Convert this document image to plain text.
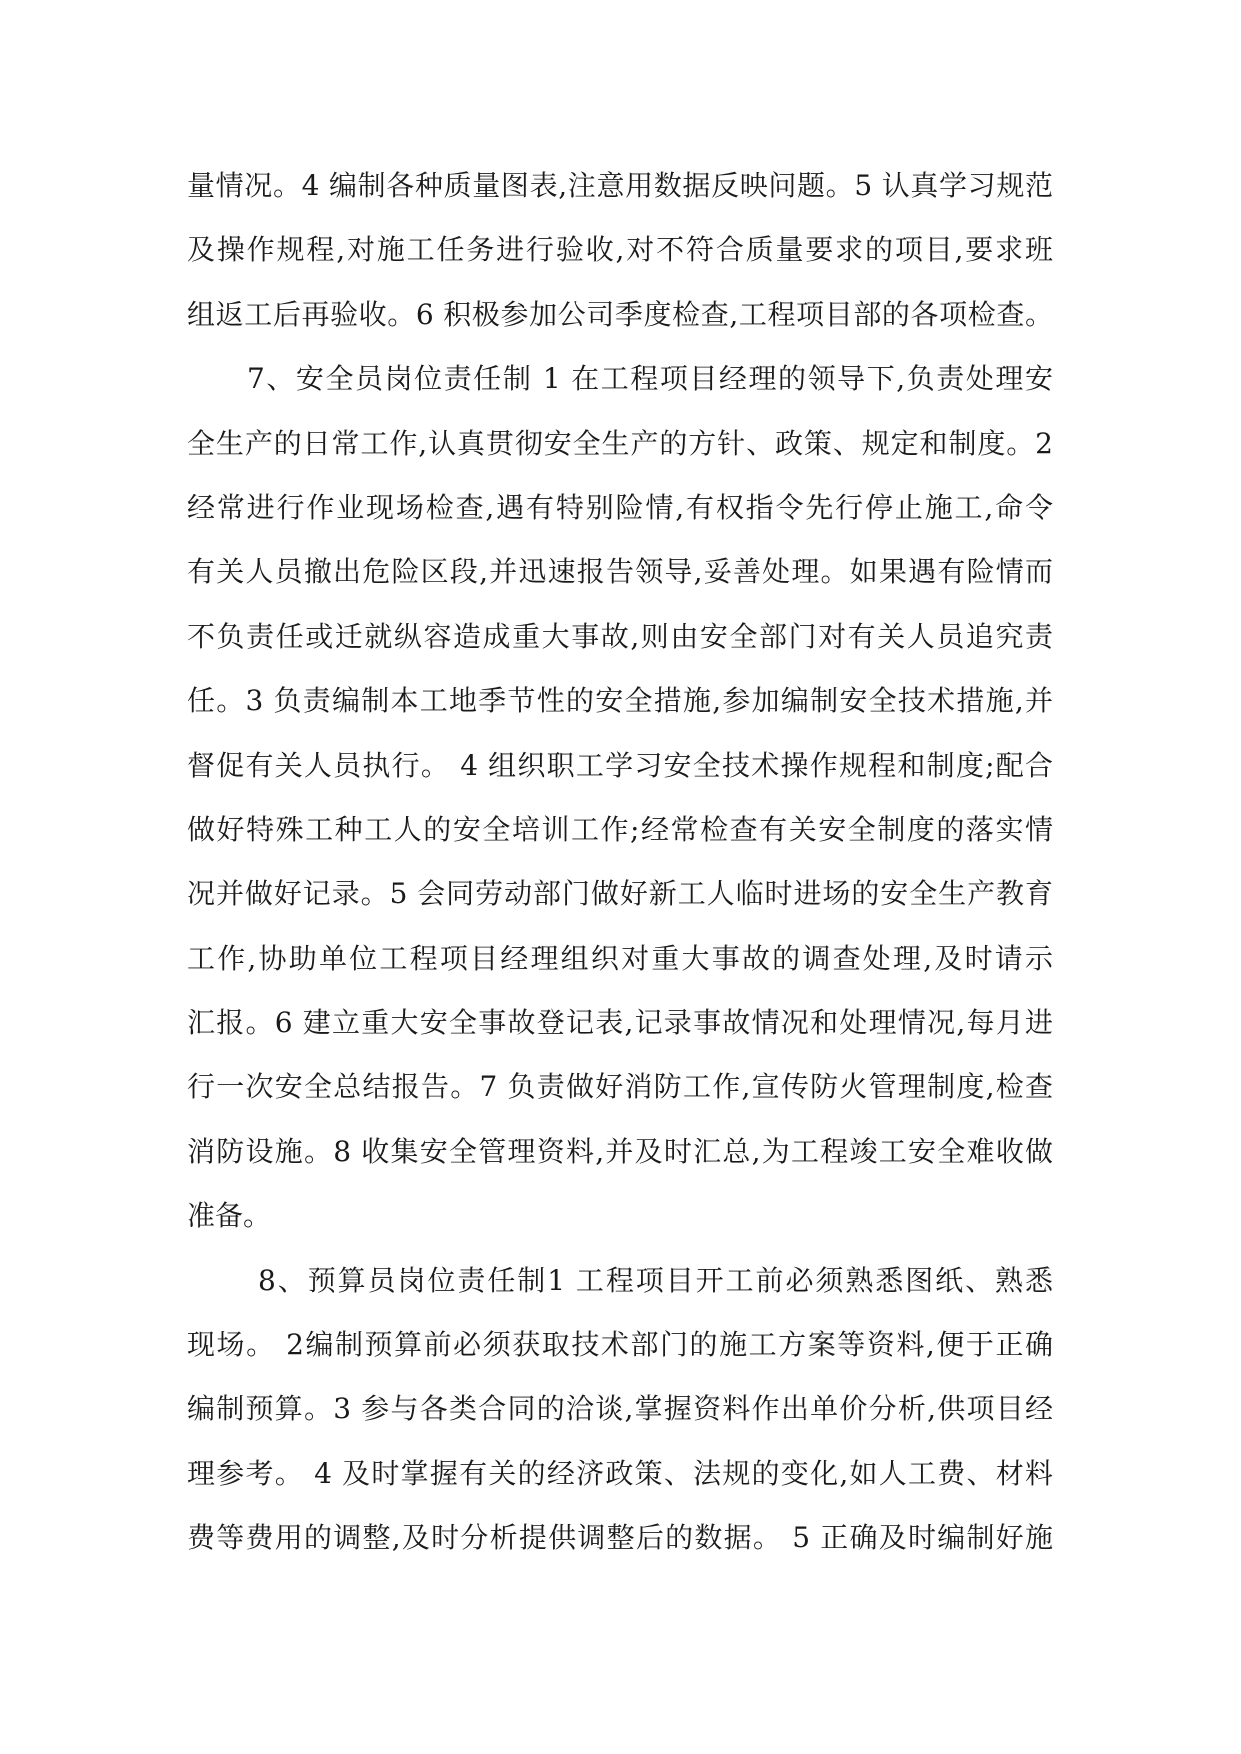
量情况。4 编制各种质量图表,注意用数据反映问题。5 认真学习规范
及操作规程,对施工任务进行验收,对不符合质量要求的项目,要求班
组返工后再验收。6 积极参加公司季度检查,工程项目部的各项检查。
7、安全员岗位责任制 1 在工程项目经理的领导下,负责处理安
全生产的日常工作,认真贯彻安全生产的方针、政策、规定和制度。2
经常进行作业现场检查,遇有特别险情,有权指令先行停止施工,命令
有关人员撤出危险区段,并迅速报告领导,妥善处理。如果遇有险情而
不负责任或迁就纵容造成重大事故,则由安全部门对有关人员追究责
任。3 负责编制本工地季节性的安全措施,参加编制安全技术措施,并
督促有关人员执行。 4 组织职工学习安全技术操作规程和制度;配合
做好特殊工种工人的安全培训工作;经常检查有关安全制度的落实情
况并做好记录。5 会同劳动部门做好新工人临时进场的安全生产教育
工作,协助单位工程项目经理组织对重大事故的调查处理,及时请示
汇报。6 建立重大安全事故登记表,记录事故情况和处理情况,每月进
行一次安全总结报告。7 负责做好消防工作,宣传防火管理制度,检查
消防设施。8 收集安全管理资料,并及时汇总,为工程竣工安全难收做
准备。
8、预算员岗位责任制1 工程项目开工前必须熟悉图纸、熟悉
现场。 2编制预算前必须获取技术部门的施工方案等资料,便于正确
编制预算。3 参与各类合同的洽谈,掌握资料作出单价分析,供项目经
理参考。 4 及时掌握有关的经济政策、法规的变化,如人工费、材料
费等费用的调整,及时分析提供调整后的数据。 5 正确及时编制好施
